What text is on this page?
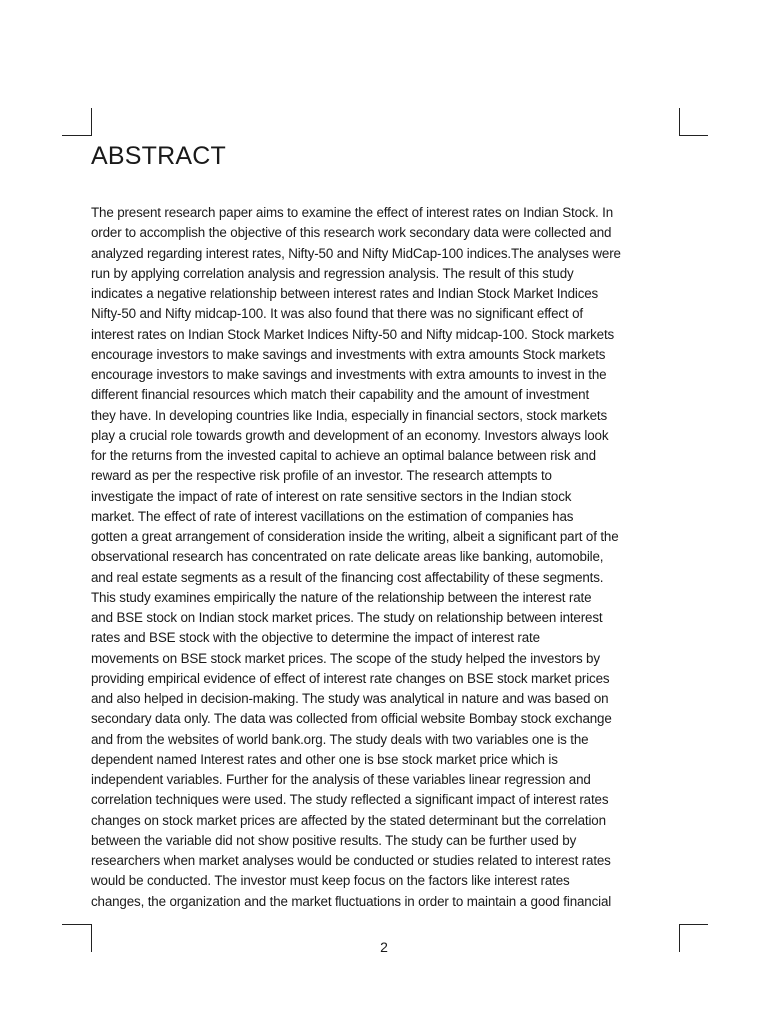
ABSTRACT
The present research paper aims to examine the effect of interest rates on Indian Stock. In
order to accomplish the objective of this research work secondary data were collected and
analyzed regarding interest rates, Nifty-50 and Nifty MidCap-100 indices.The analyses were
run by applying correlation analysis and regression analysis. The result of this study
indicates a negative relationship between interest rates and Indian Stock Market Indices
Nifty-50 and Nifty midcap-100. It was also found that there was no significant effect of
interest rates on Indian Stock Market Indices Nifty-50 and Nifty midcap-100. Stock markets
encourage investors to make savings and investments with extra amounts Stock markets
encourage investors to make savings and investments with extra amounts to invest in the
different financial resources which match their capability and the amount of investment
they have. In developing countries like India, especially in financial sectors, stock markets
play a crucial role towards growth and development of an economy. Investors always look
for the returns from the invested capital to achieve an optimal balance between risk and
reward as per the respective risk profile of an investor. The research attempts to
investigate the impact of rate of interest on rate sensitive sectors in the Indian stock
market. The effect of rate of interest vacillations on the estimation of companies has
gotten a great arrangement of consideration inside the writing, albeit a significant part of the
observational research has concentrated on rate delicate areas like banking, automobile,
and real estate segments as a result of the financing cost affectability of these segments.
This study examines empirically the nature of the relationship between the interest rate
and BSE stock on Indian stock market prices. The study on relationship between interest
rates and BSE stock with the objective to determine the impact of interest rate
movements on BSE stock market prices. The scope of the study helped the investors by
providing empirical evidence of effect of interest rate changes on BSE stock market prices
and also helped in decision-making. The study was analytical in nature and was based on
secondary data only. The data was collected from official website Bombay stock exchange
and from the websites of world bank.org. The study deals with two variables one is the
dependent named Interest rates and other one is bse stock market price which is
independent variables. Further for the analysis of these variables linear regression and
correlation techniques were used. The study reflected a significant impact of interest rates
changes on stock market prices are affected by the stated determinant but the correlation
between the variable did not show positive results. The study can be further used by
researchers when market analyses would be conducted or studies related to interest rates
would be conducted. The investor must keep focus on the factors like interest rates
changes, the organization and the market fluctuations in order to maintain a good financial
2
